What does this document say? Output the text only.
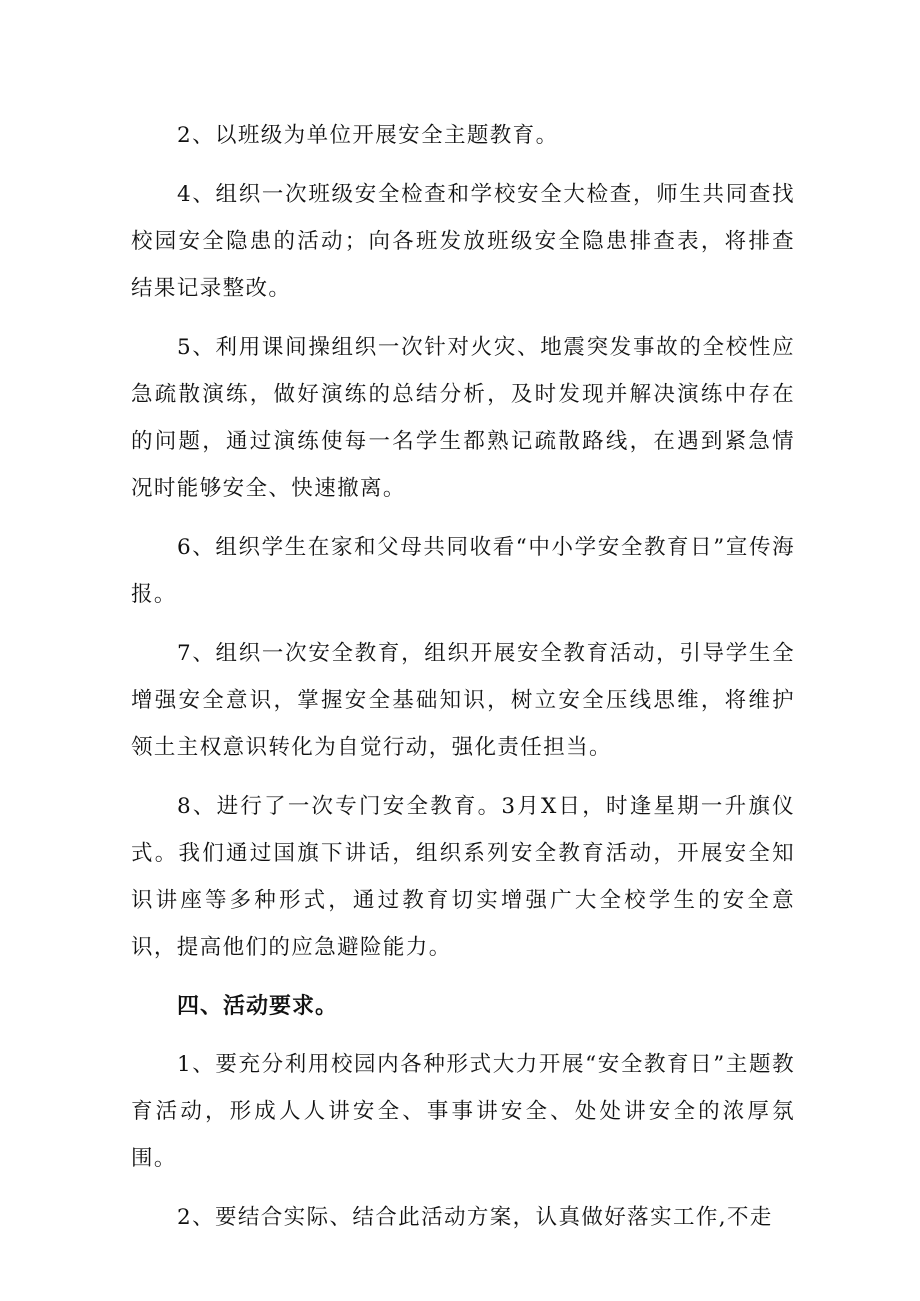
2、以班级为单位开展安全主题教育。

4、组织一次班级安全检查和学校安全大检查，师生共同查找校园安全隐患的活动；向各班发放班级安全隐患排查表，将排查结果记录整改。

5、利用课间操组织一次针对火灾、地震突发事故的全校性应急疏散演练，做好演练的总结分析，及时发现并解决演练中存在的问题，通过演练使每一名学生都熟记疏散路线，在遇到紧急情况时能够安全、快速撤离。

6、组织学生在家和父母共同收看“中小学安全教育日”宣传海报。

7、组织一次安全教育，组织开展安全教育活动，引导学生全增强安全意识，掌握安全基础知识，树立安全压线思维，将维护领土主权意识转化为自觉行动，强化责任担当。

8、进行了一次专门安全教育。3月X日，时逢星期一升旗仪式。我们通过国旗下讲话，组织系列安全教育活动，开展安全知识讲座等多种形式，通过教育切实增强广大全校学生的安全意识，提高他们的应急避险能力。

四、活动要求。

1、要充分利用校园内各种形式大力开展“安全教育日”主题教育活动，形成人人讲安全、事事讲安全、处处讲安全的浓厚氛围。

2、要结合实际、结合此活动方案，认真做好落实工作,不走
